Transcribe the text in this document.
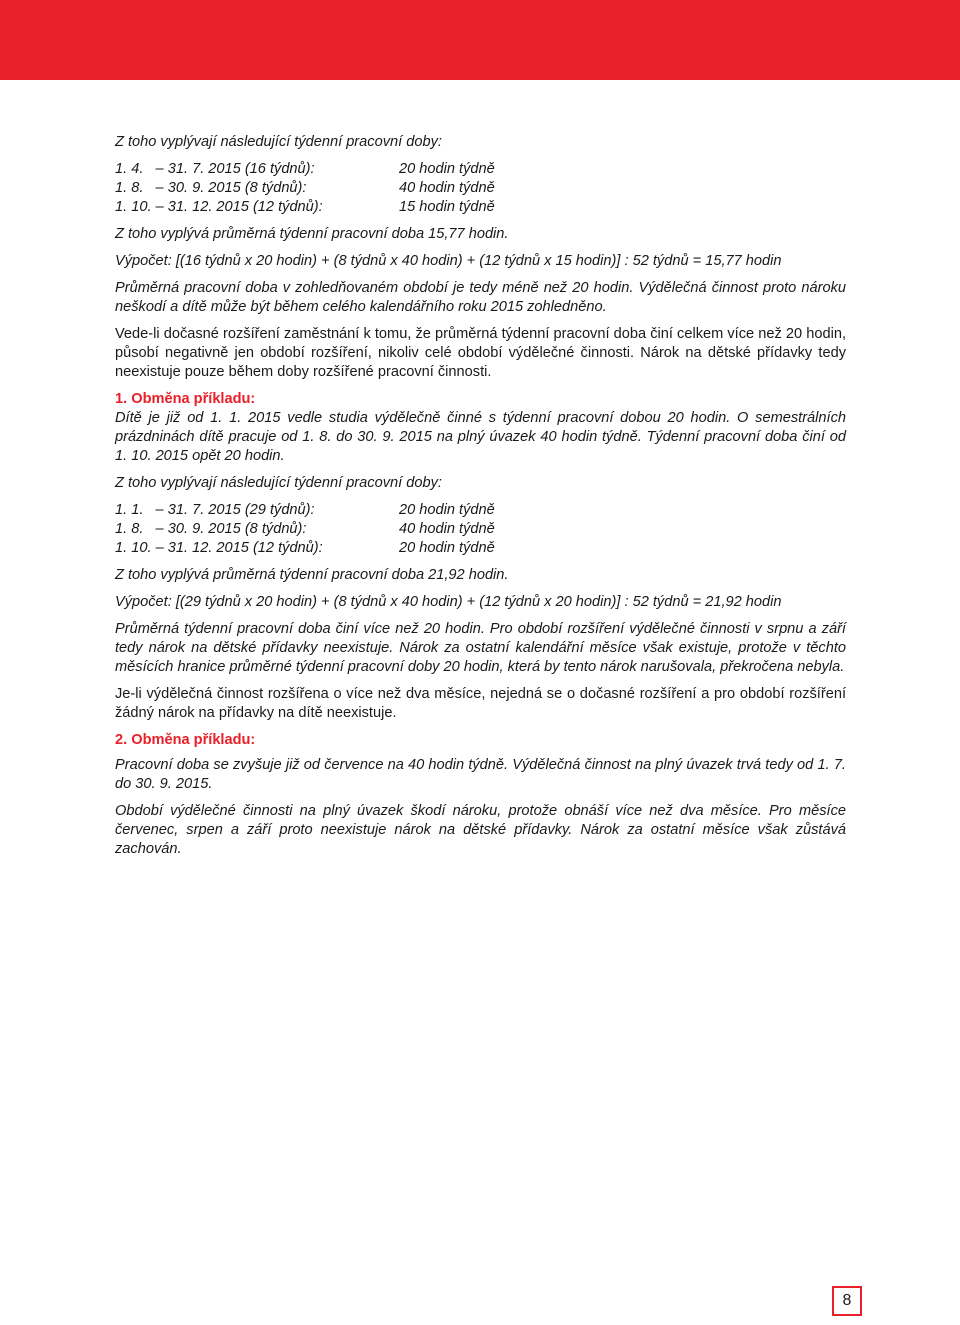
Z toho vyplývají následující týdenní pracovní doby:

1. 4.   – 31. 7. 2015 (16 týdnů):	20 hodin týdně
1. 8.   – 30. 9. 2015 (8 týdnů):	40 hodin týdně
1. 10. – 31. 12. 2015 (12 týdnů):	15 hodin týdně

Z toho vyplývá průměrná týdenní pracovní doba 15,77 hodin.

Výpočet: [(16 týdnů x 20 hodin) + (8 týdnů x 40 hodin) + (12 týdnů x 15 hodin)] : 52 týdnů = 15,77 hodin

Průměrná pracovní doba v zohledňovaném období je tedy méně než 20 hodin. Výdělečná činnost proto nároku neškodí a dítě může být během celého kalendářního roku 2015 zohledněno.

Vede-li dočasné rozšíření zaměstnání k tomu, že průměrná týdenní pracovní doba činí celkem více než 20 hodin, působí negativně jen období rozšíření, nikoliv celé období výdělečné činnosti. Nárok na dětské přídavky tedy neexistuje pouze během doby rozšířené pracovní činnosti.

1. Obměna příkladu:

Dítě je již od 1. 1. 2015 vedle studia výdělečně činné s týdenní pracovní dobou 20 hodin. O semestrálních prázdninách dítě pracuje od 1. 8. do 30. 9. 2015 na plný úvazek 40 hodin týdně. Týdenní pracovní doba činí od 1. 10. 2015 opět 20 hodin.

Z toho vyplývají následující týdenní pracovní doby:

1. 1.   – 31. 7. 2015 (29 týdnů):	20 hodin týdně
1. 8.   – 30. 9. 2015 (8 týdnů):	40 hodin týdně
1. 10. – 31. 12. 2015 (12 týdnů):	20 hodin týdně

Z toho vyplývá průměrná týdenní pracovní doba 21,92 hodin.

Výpočet: [(29 týdnů x 20 hodin) + (8 týdnů x 40 hodin) + (12 týdnů x 20 hodin)] : 52 týdnů = 21,92 hodin

Průměrná týdenní pracovní doba činí více než 20 hodin. Pro období rozšíření výdělečné činnosti v srpnu a září tedy nárok na dětské přídavky neexistuje. Nárok za ostatní kalendářní měsíce však existuje, protože v těchto měsících hranice průměrné týdenní pracovní doby 20 hodin, která by tento nárok narušovala, překročena nebyla.

Je-li výdělečná činnost rozšířena o více než dva měsíce, nejedná se o dočasné rozšíření a pro období rozšíření žádný nárok na přídavky na dítě neexistuje.

2. Obměna příkladu:

Pracovní doba se zvyšuje již od července na 40 hodin týdně. Výdělečná činnost na plný úvazek trvá tedy od 1. 7. do 30. 9. 2015.

Období výdělečné činnosti na plný úvazek škodí nároku, protože obnáší více než dva měsíce. Pro měsíce červenec, srpen a září proto neexistuje nárok na dětské přídavky. Nárok za ostatní měsíce však zůstává zachován.

8
